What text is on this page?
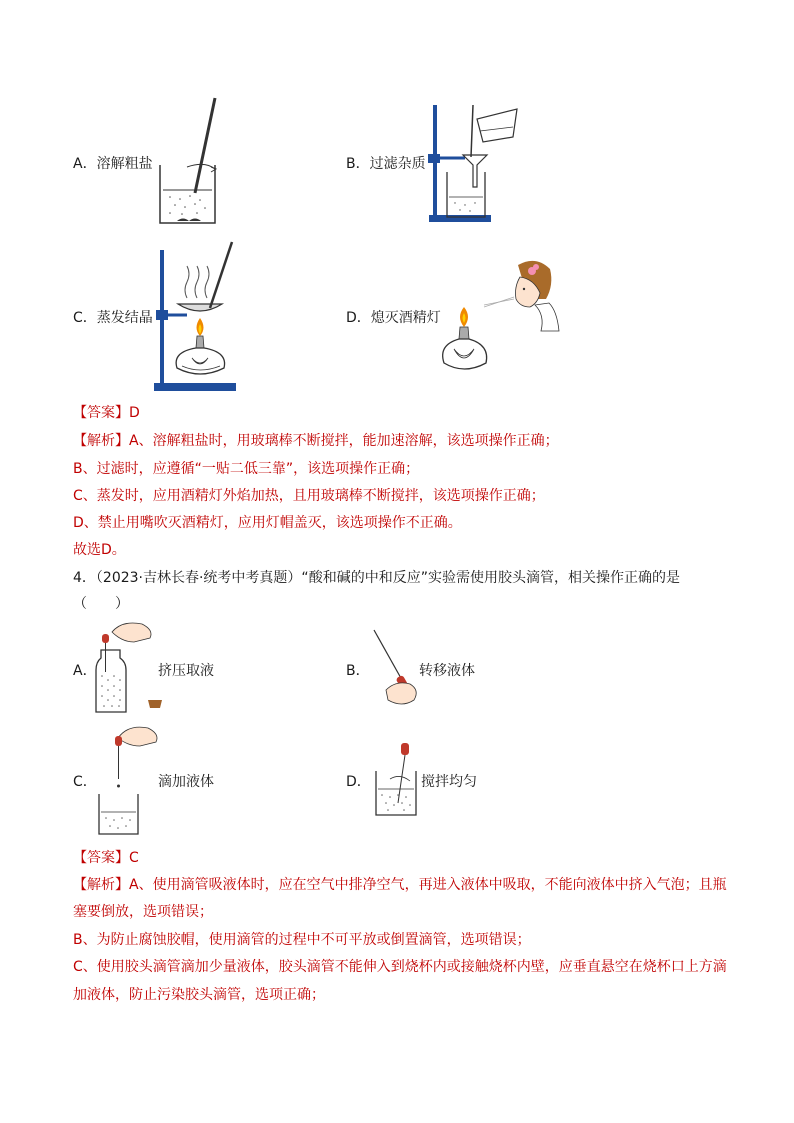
A．溶解粗盐	B．过滤杂质
C．蒸发结晶	D．熄灭酒精灯
【答案】D
【解析】A、溶解粗盐时，用玻璃棒不断搅拌，能加速溶解，该选项操作正确；
B、过滤时，应遵循“一贴二低三靠”，该选项操作正确；
C、蒸发时，应用酒精灯外焰加热，且用玻璃棒不断搅拌，该选项操作正确；
D、禁止用嘴吹灭酒精灯，应用灯帽盖灭，该选项操作不正确。
故选D。
4．（2023·吉林长春·统考中考真题）“酸和碱的中和反应”实验需使用胶头滴管，相关操作正确的是
（　　）
A．	挤压取液	B．	转移液体
C．	滴加液体	D．	搅拌均匀
【答案】C
【解析】A、使用滴管吸液体时，应在空气中排净空气，再进入液体中吸取，不能向液体中挤入气泡；且瓶
塞要倒放，选项错误；
B、为防止腐蚀胶帽，使用滴管的过程中不可平放或倒置滴管，选项错误；
C、使用胶头滴管滴加少量液体，胶头滴管不能伸入到烧杯内或接触烧杯内壁，应垂直悬空在烧杯口上方滴
加液体，防止污染胶头滴管，选项正确；
